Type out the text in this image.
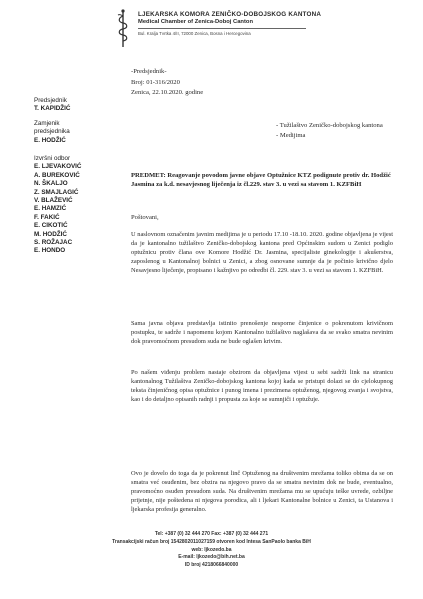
LJEKARSKA KOMORA ZENIČKO-DOBOJSKOG KANTONA
Medical Chamber of Zenica-Doboj Canton
Bul. Kralja Tvrtka 4/II, 72000 Zenica, Bosna i Hercegovina
Predsjednik
T. KAPIDŽIĆ
Zamjenik
predsjednika
E. HODŽIĆ
Izvršni odbor
E. LJEVAKOVIĆ
A. BUREKOVIĆ
N. ŠKALJO
Z. SMAJLAGIĆ
V. BLAŽEVIĆ
E. HAMZIĆ
F. FAKIĆ
E. CIKOTIĆ
M. HODŽIĆ
S. ROŽAJAC
E. HONDO
-Predsjednik-
Broj: 01-316/2020
Zenica, 22.10.2020. godine
- Tužilaštvo Zeničko-dobojskog kantona
- Medijima
PREDMET: Reagovanje povodom javne objave Optužnice KTZ podignute protiv dr. Hodžić Jasmina za k.d. nesavjesnog liječenja iz čl.229. stav 3. u vezi sa stavom 1. KZFBiH
Poštovani,

U naslovnom označenim javnim medijima je u periodu 17.10 -18.10. 2020. godine objavljena je vijest da je kantonalno tužilaštvo Zeničko-dobojskog kantona pred Općinskim sudom u Zenici podiglo optužnicu protiv člana ove Komore Hodžić Dr. Jasmina, specijaliste ginekologije i akušerstva, zaposlenog u Kantonalnoj bolnici u Zenici, a zbog osnovane sumnje da je počinio krivično djelo Nesavjesno liječenje, propisano i kažnjivo po odredbi čl. 229. stav 3. u vezi sa stavom 1. KZFBiH.

Sama javna objava predstavlja istinito prenošenje nesporne činjenice o pokrenutom krivičnom postupku, te sadrže i napomenu kojom Kantonalno tužilaštvo naglašava da se svako smatra nevinim dok pravomoćnom presudom suda ne bude oglašen krivim.

Po našem viđenju problem nastaje obzirom da objavljena vijest u sebi sadrži link na stranicu kantonalnog Tužilaštva Zeničko-dobojskog kantona kojoj kada se pristupi dolazi se do cjelokupnog teksta činjeničnog opisa optužnice i punog imena i prezimena optuženog, njegovog zvanja i svojstva, kao i do detaljno opisanih radnji i propusta za koje se sumnjiči i optužuje.

Ovo je dovelo do toga da je pokrenut linč Optuženog na društvenim mrežama toliko obima da se on smatra već osuđenim, bez obzira na njegovo pravo da se smatra nevinim dok ne bude, eventualno, pravomoćno osuđen presudom suda. Na društvenim mrežama mu se upućuju teške uvrede, ozbiljne prijetnje, nije poštedena ni njegova porodica, ali i ljekari Kantonalne bolnice u Zenici, ta Ustanova i ljekarska profesija generalno.

Tel: +387 (0) 32 444 270 Fax: +387 (0) 32 444 271
Transakcijski račun broj 1542802011027159 otvoren kod Intesa SanPaolo banka BiH
web: ljkozedo.ba
E-mail: ljkozedo@bih.net.ba
ID broj 4218066840000
